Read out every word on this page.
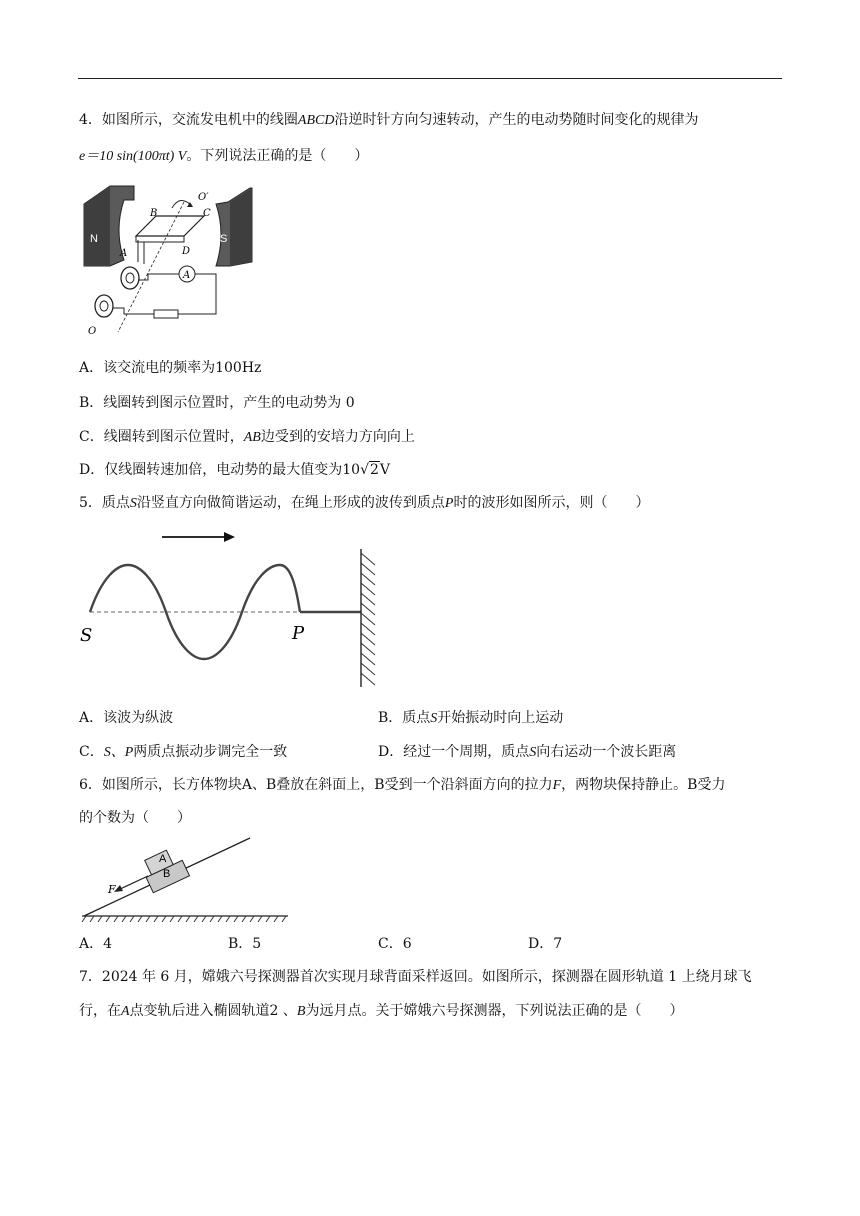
4．如图所示，交流发电机中的线圈ABCD沿逆时针方向匀速转动，产生的电动势随时间变化的规律为
e＝10 sin(100πt) V。下列说法正确的是（　　）
N	S
B
O′
C
A	D
A
O
A．该交流电的频率为100Hz
B．线圈转到图示位置时，产生的电动势为 0
C．线圈转到图示位置时，AB边受到的安培力方向向上
D．仅线圈转速加倍，电动势的最大值变为10√2V
5．质点S沿竖直方向做简谐运动，在绳上形成的波传到质点P时的波形如图所示，则（　　）
S	P
A．该波为纵波	B．质点S开始振动时向上运动
C．S、P两质点振动步调完全一致	D．经过一个周期，质点S向右运动一个波长距离
6．如图所示，长方体物块A、B叠放在斜面上，B受到一个沿斜面方向的拉力F，两物块保持静止。B受力
的个数为（　　）
B
A
F
A．4	B．5	C．6	D．7
7．2024 年 6 月，嫦娥六号探测器首次实现月球背面采样返回。如图所示，探测器在圆形轨道 1 上绕月球飞
行，在A点变轨后进入椭圆轨道2 、B为远月点。关于嫦娥六号探测器，下列说法正确的是（　　）
